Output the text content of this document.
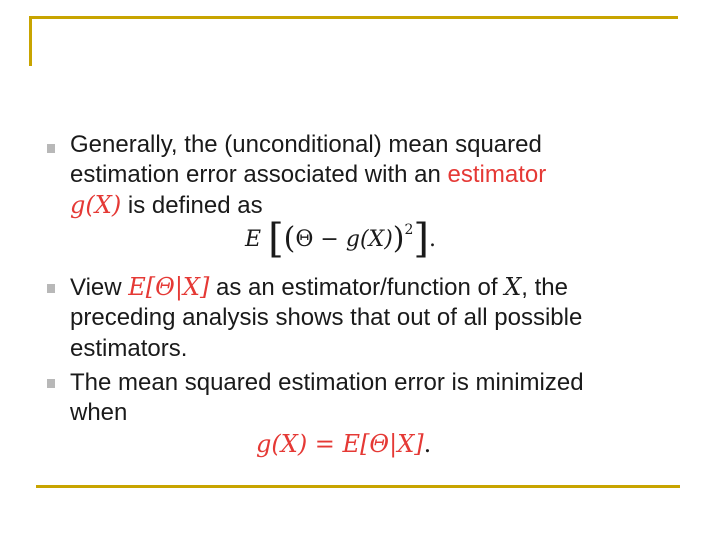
Generally, the (unconditional) mean squared
estimation error associated with an estimator
g(X) is defined as
E $[(\Theta - g(X))^2]$.
View E[Θ|X] as an estimator/function of X, the
preceding analysis shows that out of all possible
estimators.
The mean squared estimation error is minimized
when
g(X) = E[Θ|X].
